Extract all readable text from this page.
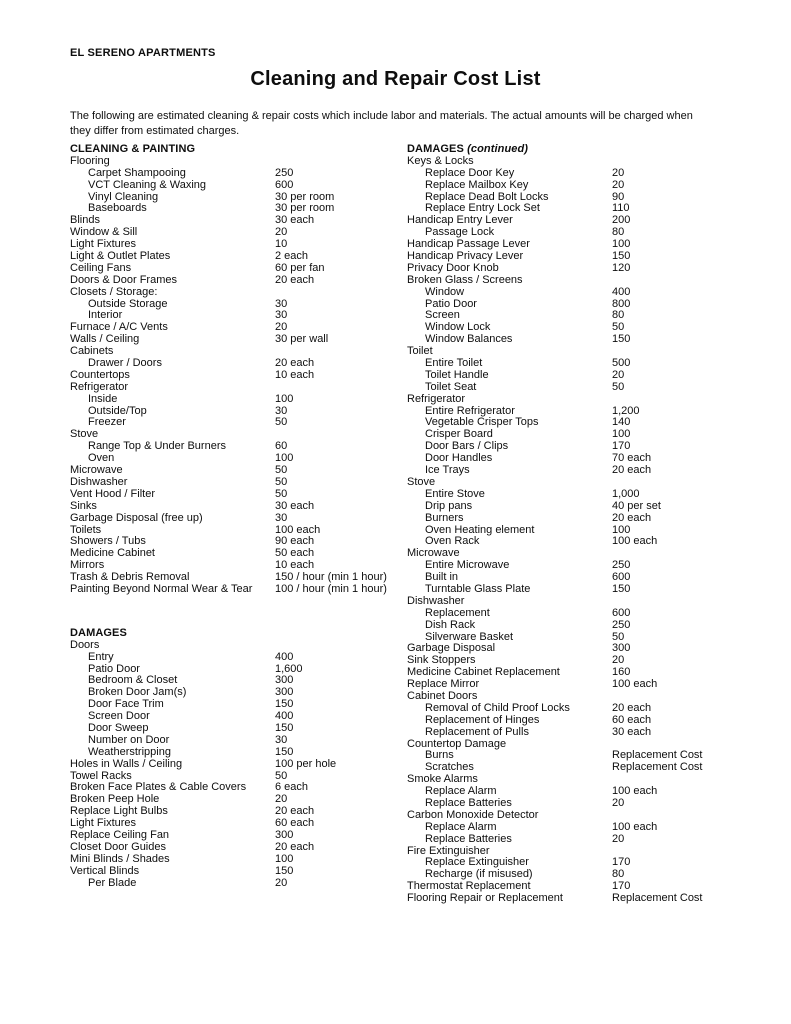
EL SERENO APARTMENTS
Cleaning and Repair Cost List
The following are estimated cleaning & repair costs which include labor and materials. The actual amounts will be charged when
they differ from estimated charges.
CLEANING & PAINTING
Flooring
Carpet Shampooing	250
VCT Cleaning & Waxing	600
Vinyl Cleaning	30 per room
Baseboards	30 per room
Blinds	30 each
Window & Sill	20
Light Fixtures	10
Light & Outlet Plates	2 each
Ceiling Fans	60 per fan
Doors & Door Frames	20 each
Closets / Storage:
Outside Storage	30
Interior	30
Furnace / A/C Vents	20
Walls / Ceiling	30 per wall
Cabinets
Drawer / Doors	20 each
Countertops	10 each
Refrigerator
Inside	100
Outside/Top	30
Freezer	50
Stove
Range Top & Under Burners	60
Oven	100
Microwave	50
Dishwasher	50
Vent Hood / Filter	50
Sinks	30 each
Garbage Disposal (free up)	30
Toilets	100 each
Showers / Tubs	90 each
Medicine Cabinet	50 each
Mirrors	10 each
Trash & Debris Removal	150 / hour (min 1 hour)
Painting Beyond Normal Wear & Tear 100 / hour (min 1 hour)
DAMAGES
Doors
Entry	400
Patio Door	1,600
Bedroom & Closet	300
Broken Door Jam(s)	300
Door Face Trim	150
Screen Door	400
Door Sweep	150
Number on Door	30
Weatherstripping	150
Holes in Walls / Ceiling	100 per hole
Towel Racks	50
Broken Face Plates & Cable Covers	6 each
Broken Peep Hole	20
Replace Light Bulbs	20 each
Light Fixtures	60 each
Replace Ceiling Fan	300
Closet Door Guides	20 each
Mini Blinds / Shades	100
Vertical Blinds	150
Per Blade	20
DAMAGES (continued)
Keys & Locks
Replace Door Key	20
Replace Mailbox Key	20
Replace Dead Bolt Locks	90
Replace Entry Lock Set	110
Handicap Entry Lever	200
Passage Lock	80
Handicap Passage Lever	100
Handicap Privacy Lever	150
Privacy Door Knob	120
Broken Glass / Screens
Window	400
Patio Door	800
Screen	80
Window Lock	50
Window Balances	150
Toilet
Entire Toilet	500
Toilet Handle	20
Toilet Seat	50
Refrigerator
Entire Refrigerator	1,200
Vegetable Crisper Tops	140
Crisper Board	100
Door Bars / Clips	170
Door Handles	70 each
Ice Trays	20 each
Stove
Entire Stove	1,000
Drip pans	40 per set
Burners	20 each
Oven Heating element	100
Oven Rack	100 each
Microwave
Entire Microwave	250
Built in	600
Turntable Glass Plate	150
Dishwasher
Replacement	600
Dish Rack	250
Silverware Basket	50
Garbage Disposal	300
Sink Stoppers	20
Medicine Cabinet Replacement	160
Replace Mirror	100 each
Cabinet Doors
Removal of Child Proof Locks	20 each
Replacement of Hinges	60 each
Replacement of Pulls	30 each
Countertop Damage
Burns	Replacement Cost
Scratches	Replacement Cost
Smoke Alarms
Replace Alarm	100 each
Replace Batteries	20
Carbon Monoxide Detector
Replace Alarm	100 each
Replace Batteries	20
Fire Extinguisher
Replace Extinguisher	170
Recharge (if misused)	80
Thermostat Replacement	170
Flooring Repair or Replacement	Replacement Cost
